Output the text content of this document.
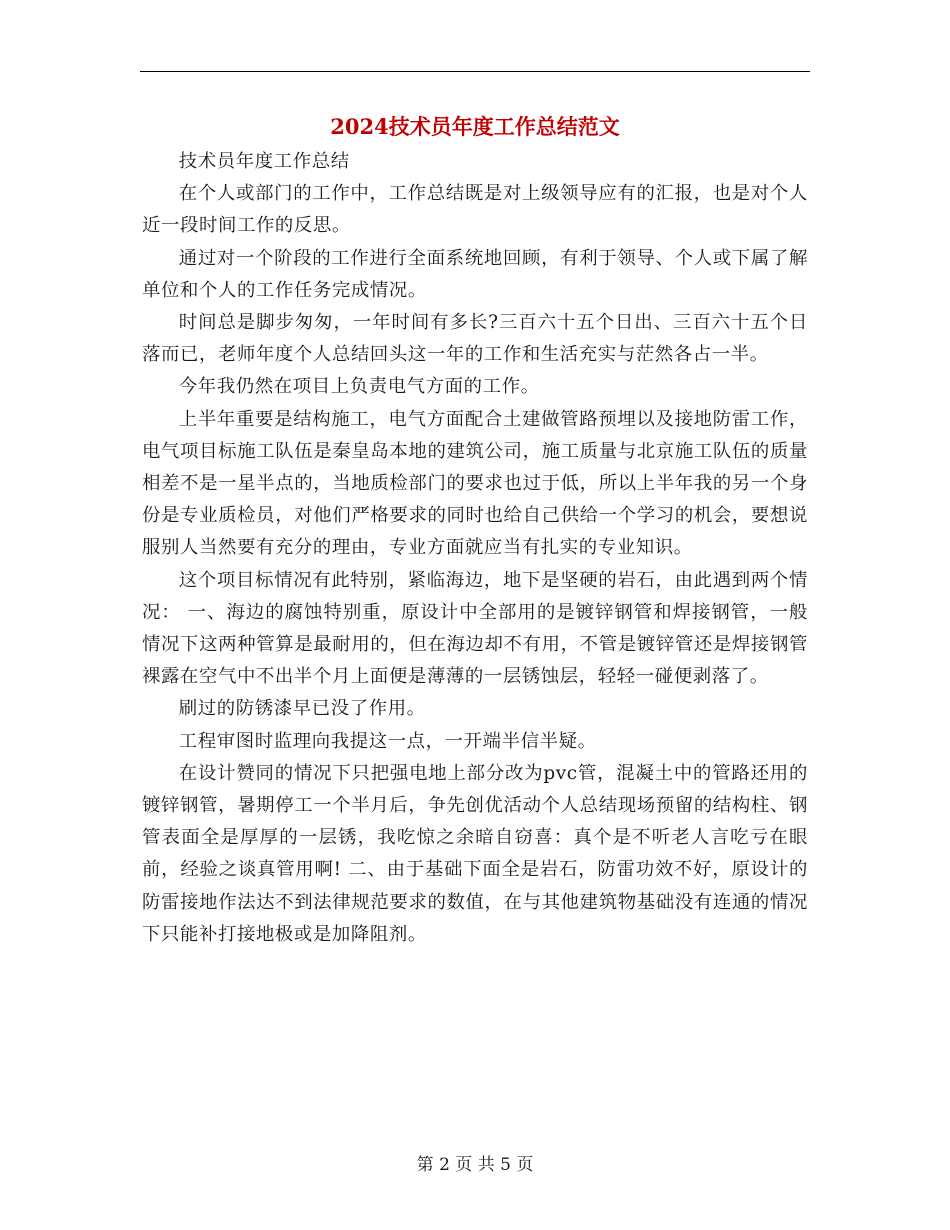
2024技术员年度工作总结范文

技术员年度工作总结

在个人或部门的工作中，工作总结既是对上级领导应有的汇报，也是对个人近一段时间工作的反思。

通过对一个阶段的工作进行全面系统地回顾，有利于领导、个人或下属了解单位和个人的工作任务完成情况。

时间总是脚步匆匆，一年时间有多长?三百六十五个日出、三百六十五个日落而已，老师年度个人总结回头这一年的工作和生活充实与茫然各占一半。

今年我仍然在项目上负责电气方面的工作。

上半年重要是结构施工，电气方面配合土建做管路预埋以及接地防雷工作，电气项目标施工队伍是秦皇岛本地的建筑公司，施工质量与北京施工队伍的质量相差不是一星半点的，当地质检部门的要求也过于低，所以上半年我的另一个身份是专业质检员，对他们严格要求的同时也给自己供给一个学习的机会，要想说服别人当然要有充分的理由，专业方面就应当有扎实的专业知识。

这个项目标情况有此特别，紧临海边，地下是坚硬的岩石，由此遇到两个情况： 一、海边的腐蚀特别重，原设计中全部用的是镀锌钢管和焊接钢管，一般情况下这两种管算是最耐用的，但在海边却不有用，不管是镀锌管还是焊接钢管裸露在空气中不出半个月上面便是薄薄的一层锈蚀层，轻轻一碰便剥落了。

刷过的防锈漆早已没了作用。

工程审图时监理向我提这一点，一开端半信半疑。

在设计赞同的情况下只把强电地上部分改为pvc管，混凝土中的管路还用的镀锌钢管，暑期停工一个半月后，争先创优活动个人总结现场预留的结构柱、钢管表面全是厚厚的一层锈，我吃惊之余暗自窃喜：真个是不听老人言吃亏在眼前，经验之谈真管用啊! 二、由于基础下面全是岩石，防雷功效不好，原设计的防雷接地作法达不到法律规范要求的数值，在与其他建筑物基础没有连通的情况下只能补打接地极或是加降阻剂。

第 2 页 共 5 页
